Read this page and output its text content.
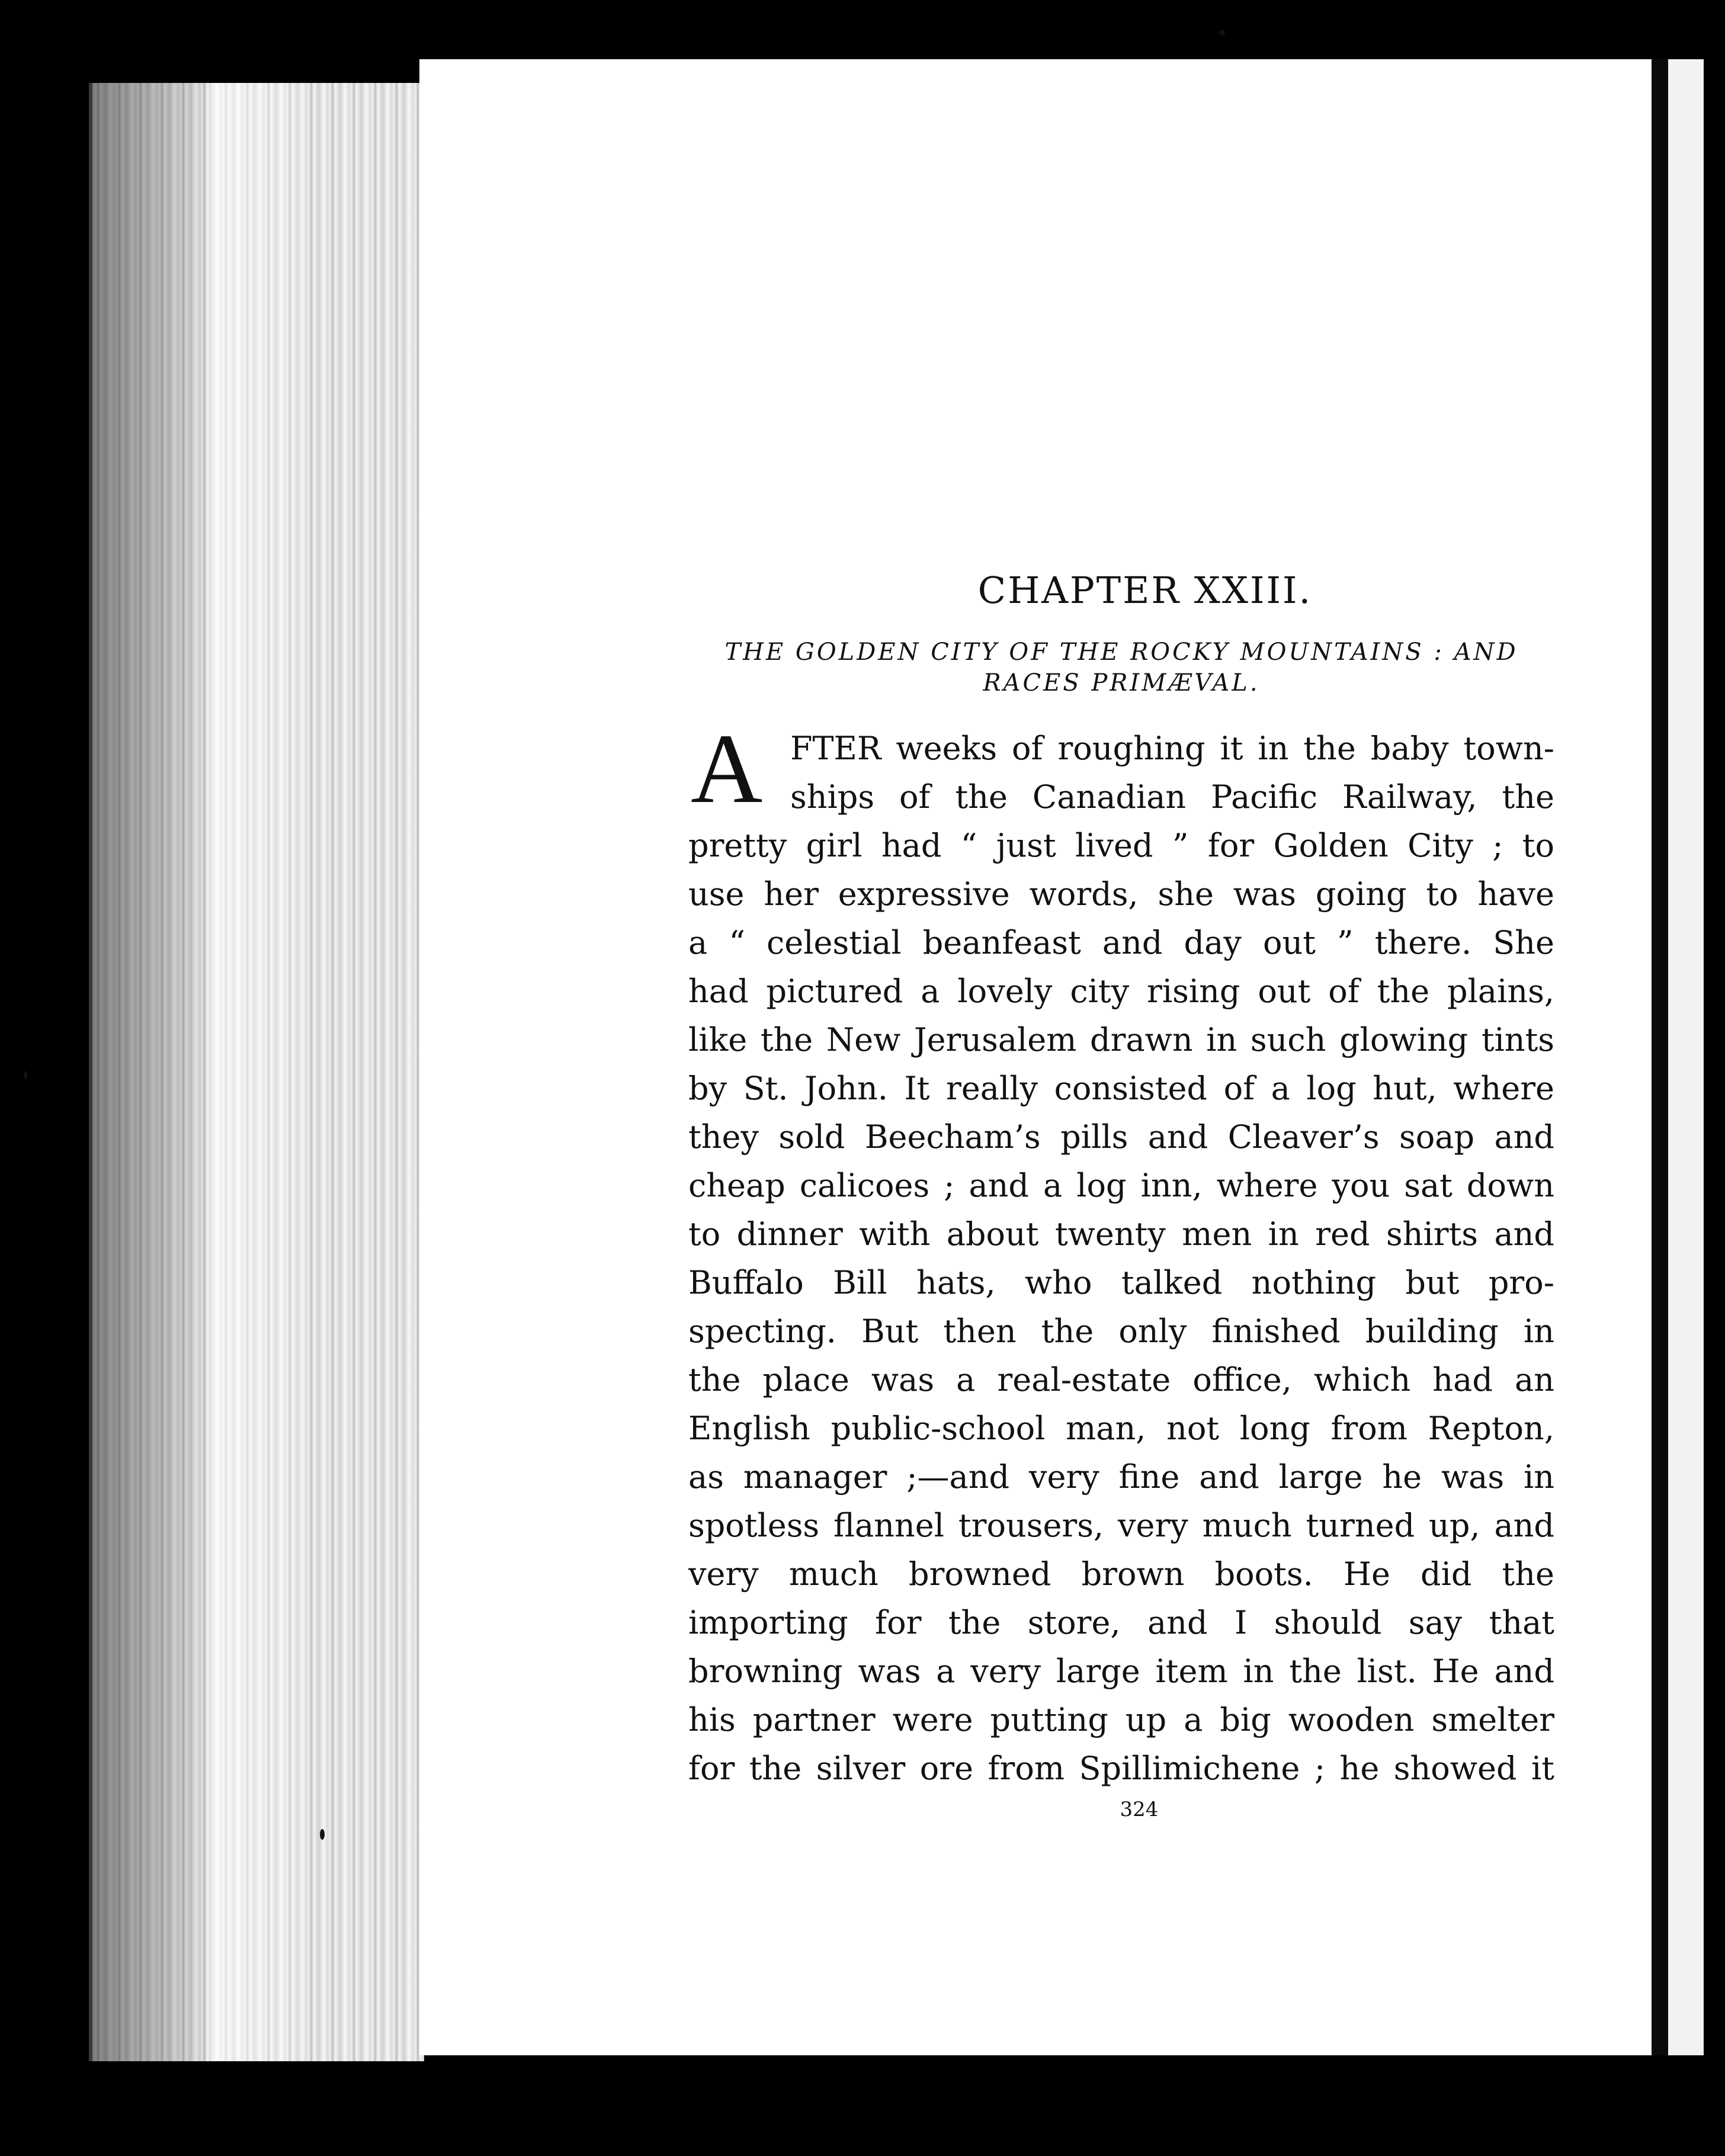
CHAPTER XXIII.
THE GOLDEN CITY OF THE ROCKY MOUNTAINS : AND
RACES PRIMÆVAL.
A FTER weeks of roughing it in the baby town-
ships of the Canadian Pacific Railway, the
pretty girl had “ just lived ” for Golden City ; to
use her expressive words, she was going to have
a “ celestial beanfeast and day out ” there. She
had pictured a lovely city rising out of the plains,
like the New Jerusalem drawn in such glowing tints
by St. John. It really consisted of a log hut, where
they sold Beecham’s pills and Cleaver’s soap and
cheap calicoes ; and a log inn, where you sat down
to dinner with about twenty men in red shirts and
Buffalo Bill hats, who talked nothing but pro-
specting. But then the only finished building in
the place was a real-estate office, which had an
English public-school man, not long from Repton,
as manager ;—and very fine and large he was in
spotless flannel trousers, very much turned up, and
very much browned brown boots. He did the
importing for the store, and I should say that
browning was a very large item in the list. He and
his partner were putting up a big wooden smelter
for the silver ore from Spillimichene ; he showed it
324
